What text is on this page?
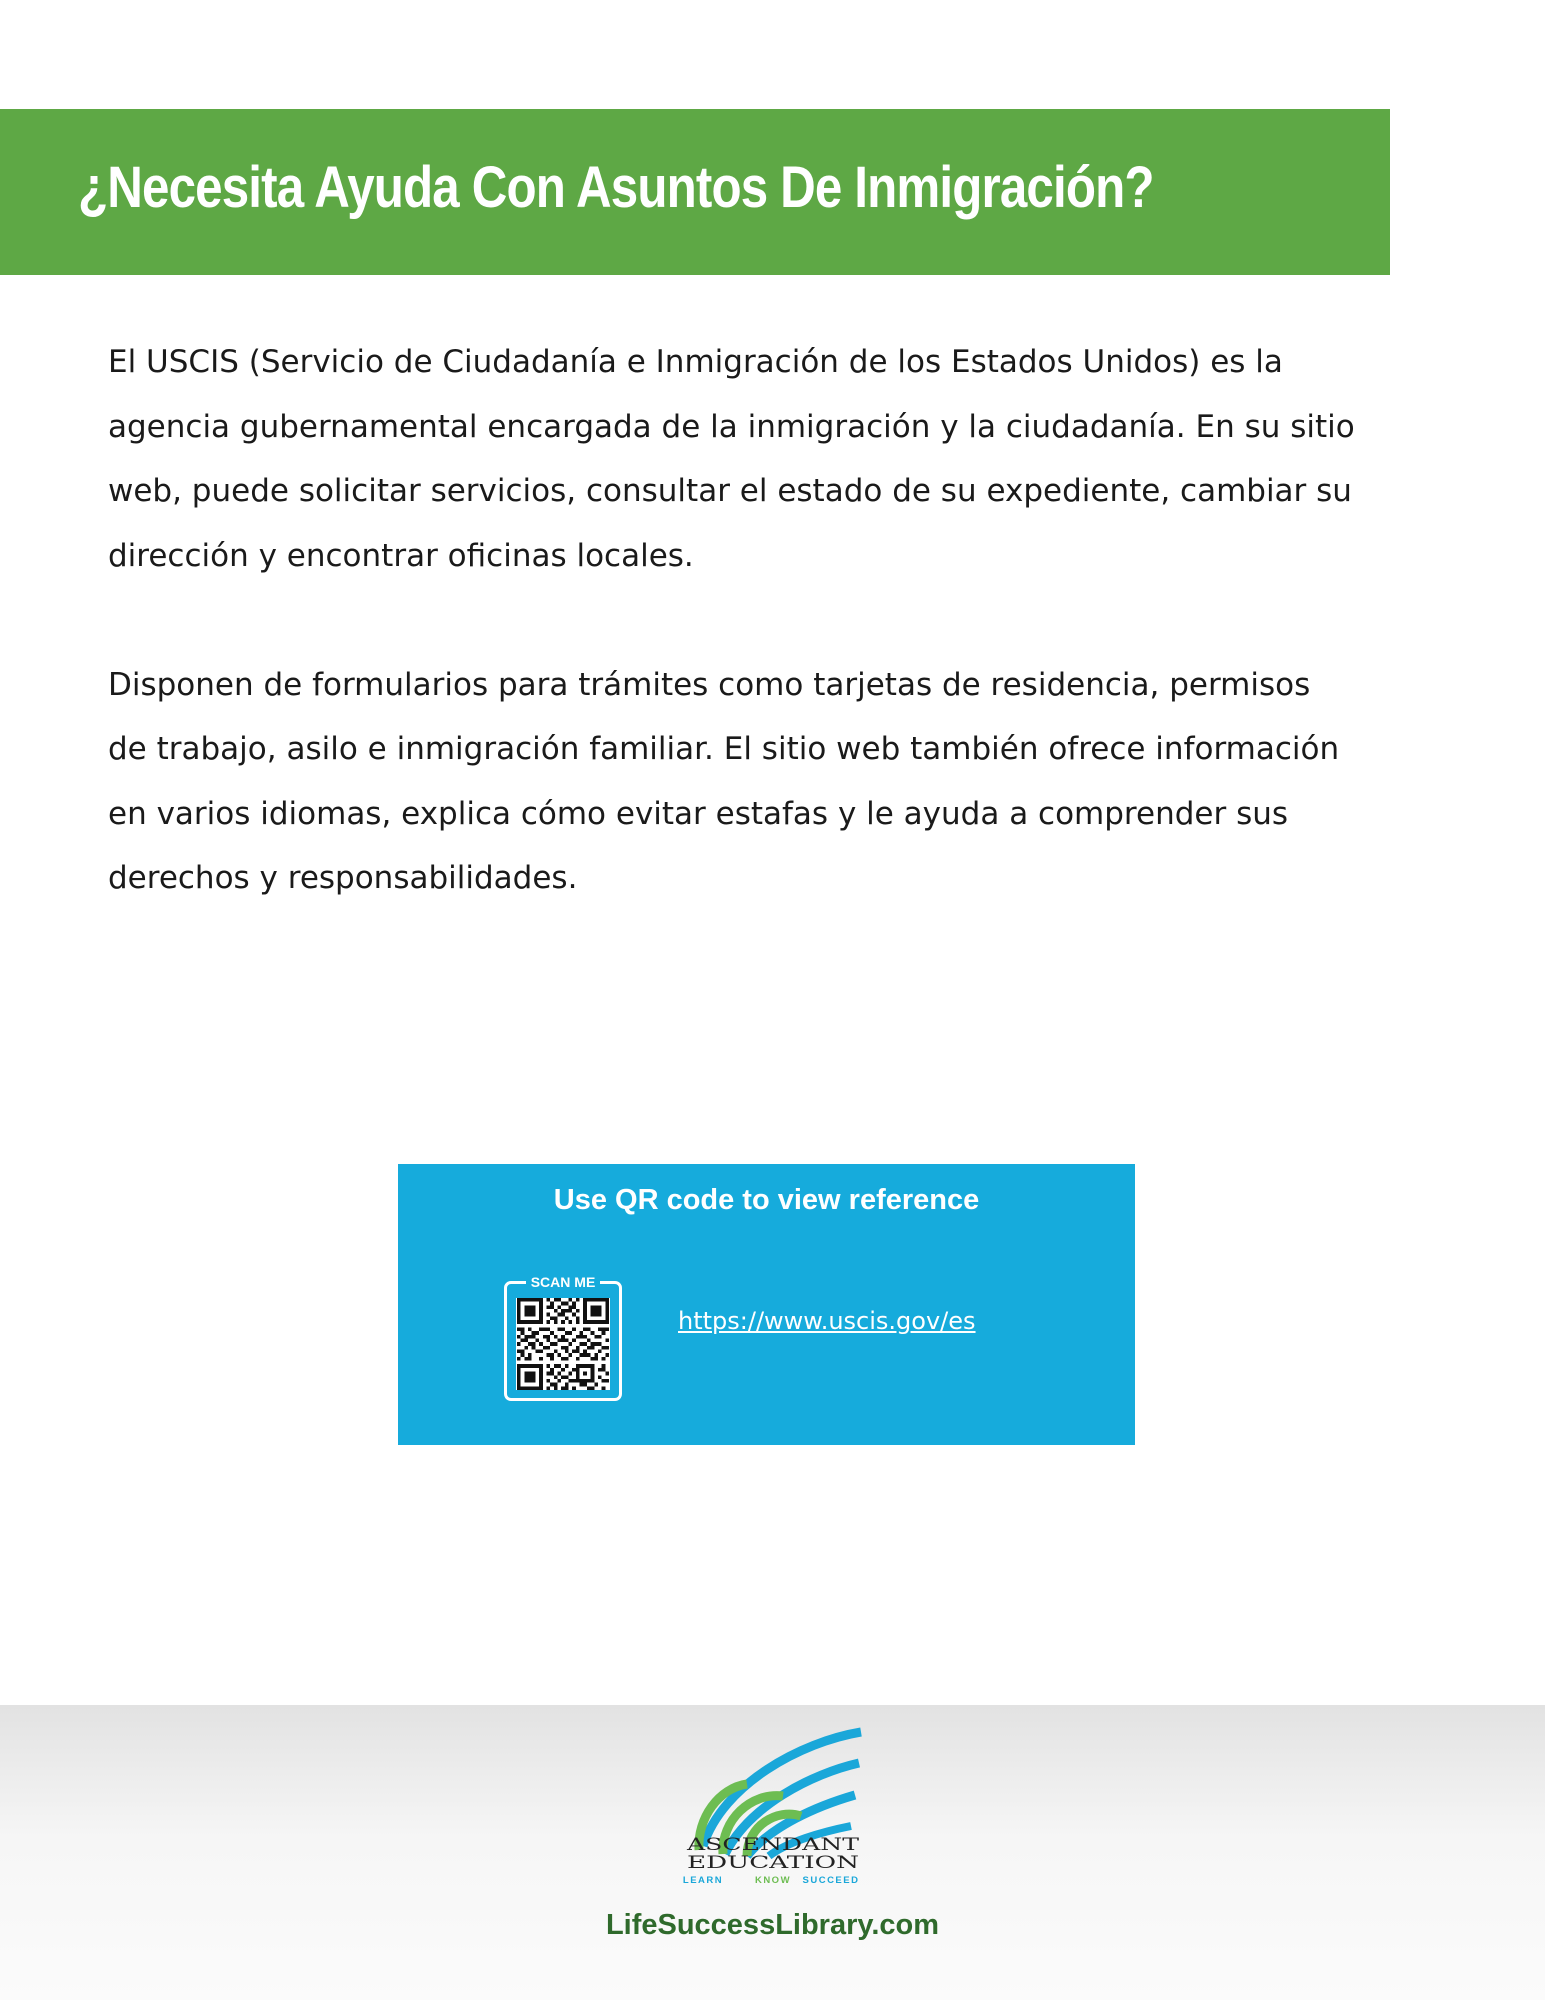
¿Necesita Ayuda Con Asuntos De Inmigración?

El USCIS (Servicio de Ciudadanía e Inmigración de los Estados Unidos) es la agencia gubernamental encargada de la inmigración y la ciudadanía. En su sitio web, puede solicitar servicios, consultar el estado de su expediente, cambiar su dirección y encontrar oficinas locales.

Disponen de formularios para trámites como tarjetas de residencia, permisos de trabajo, asilo e inmigración familiar. El sitio web también ofrece información en varios idiomas, explica cómo evitar estafas y le ayuda a comprender sus derechos y responsabilidades.

Use QR code to view reference
SCAN ME
https://www.uscis.gov/es
ASCENDANT
EDUCATION
LEARN	KNOW SUCCEED
LifeSuccessLibrary.com
